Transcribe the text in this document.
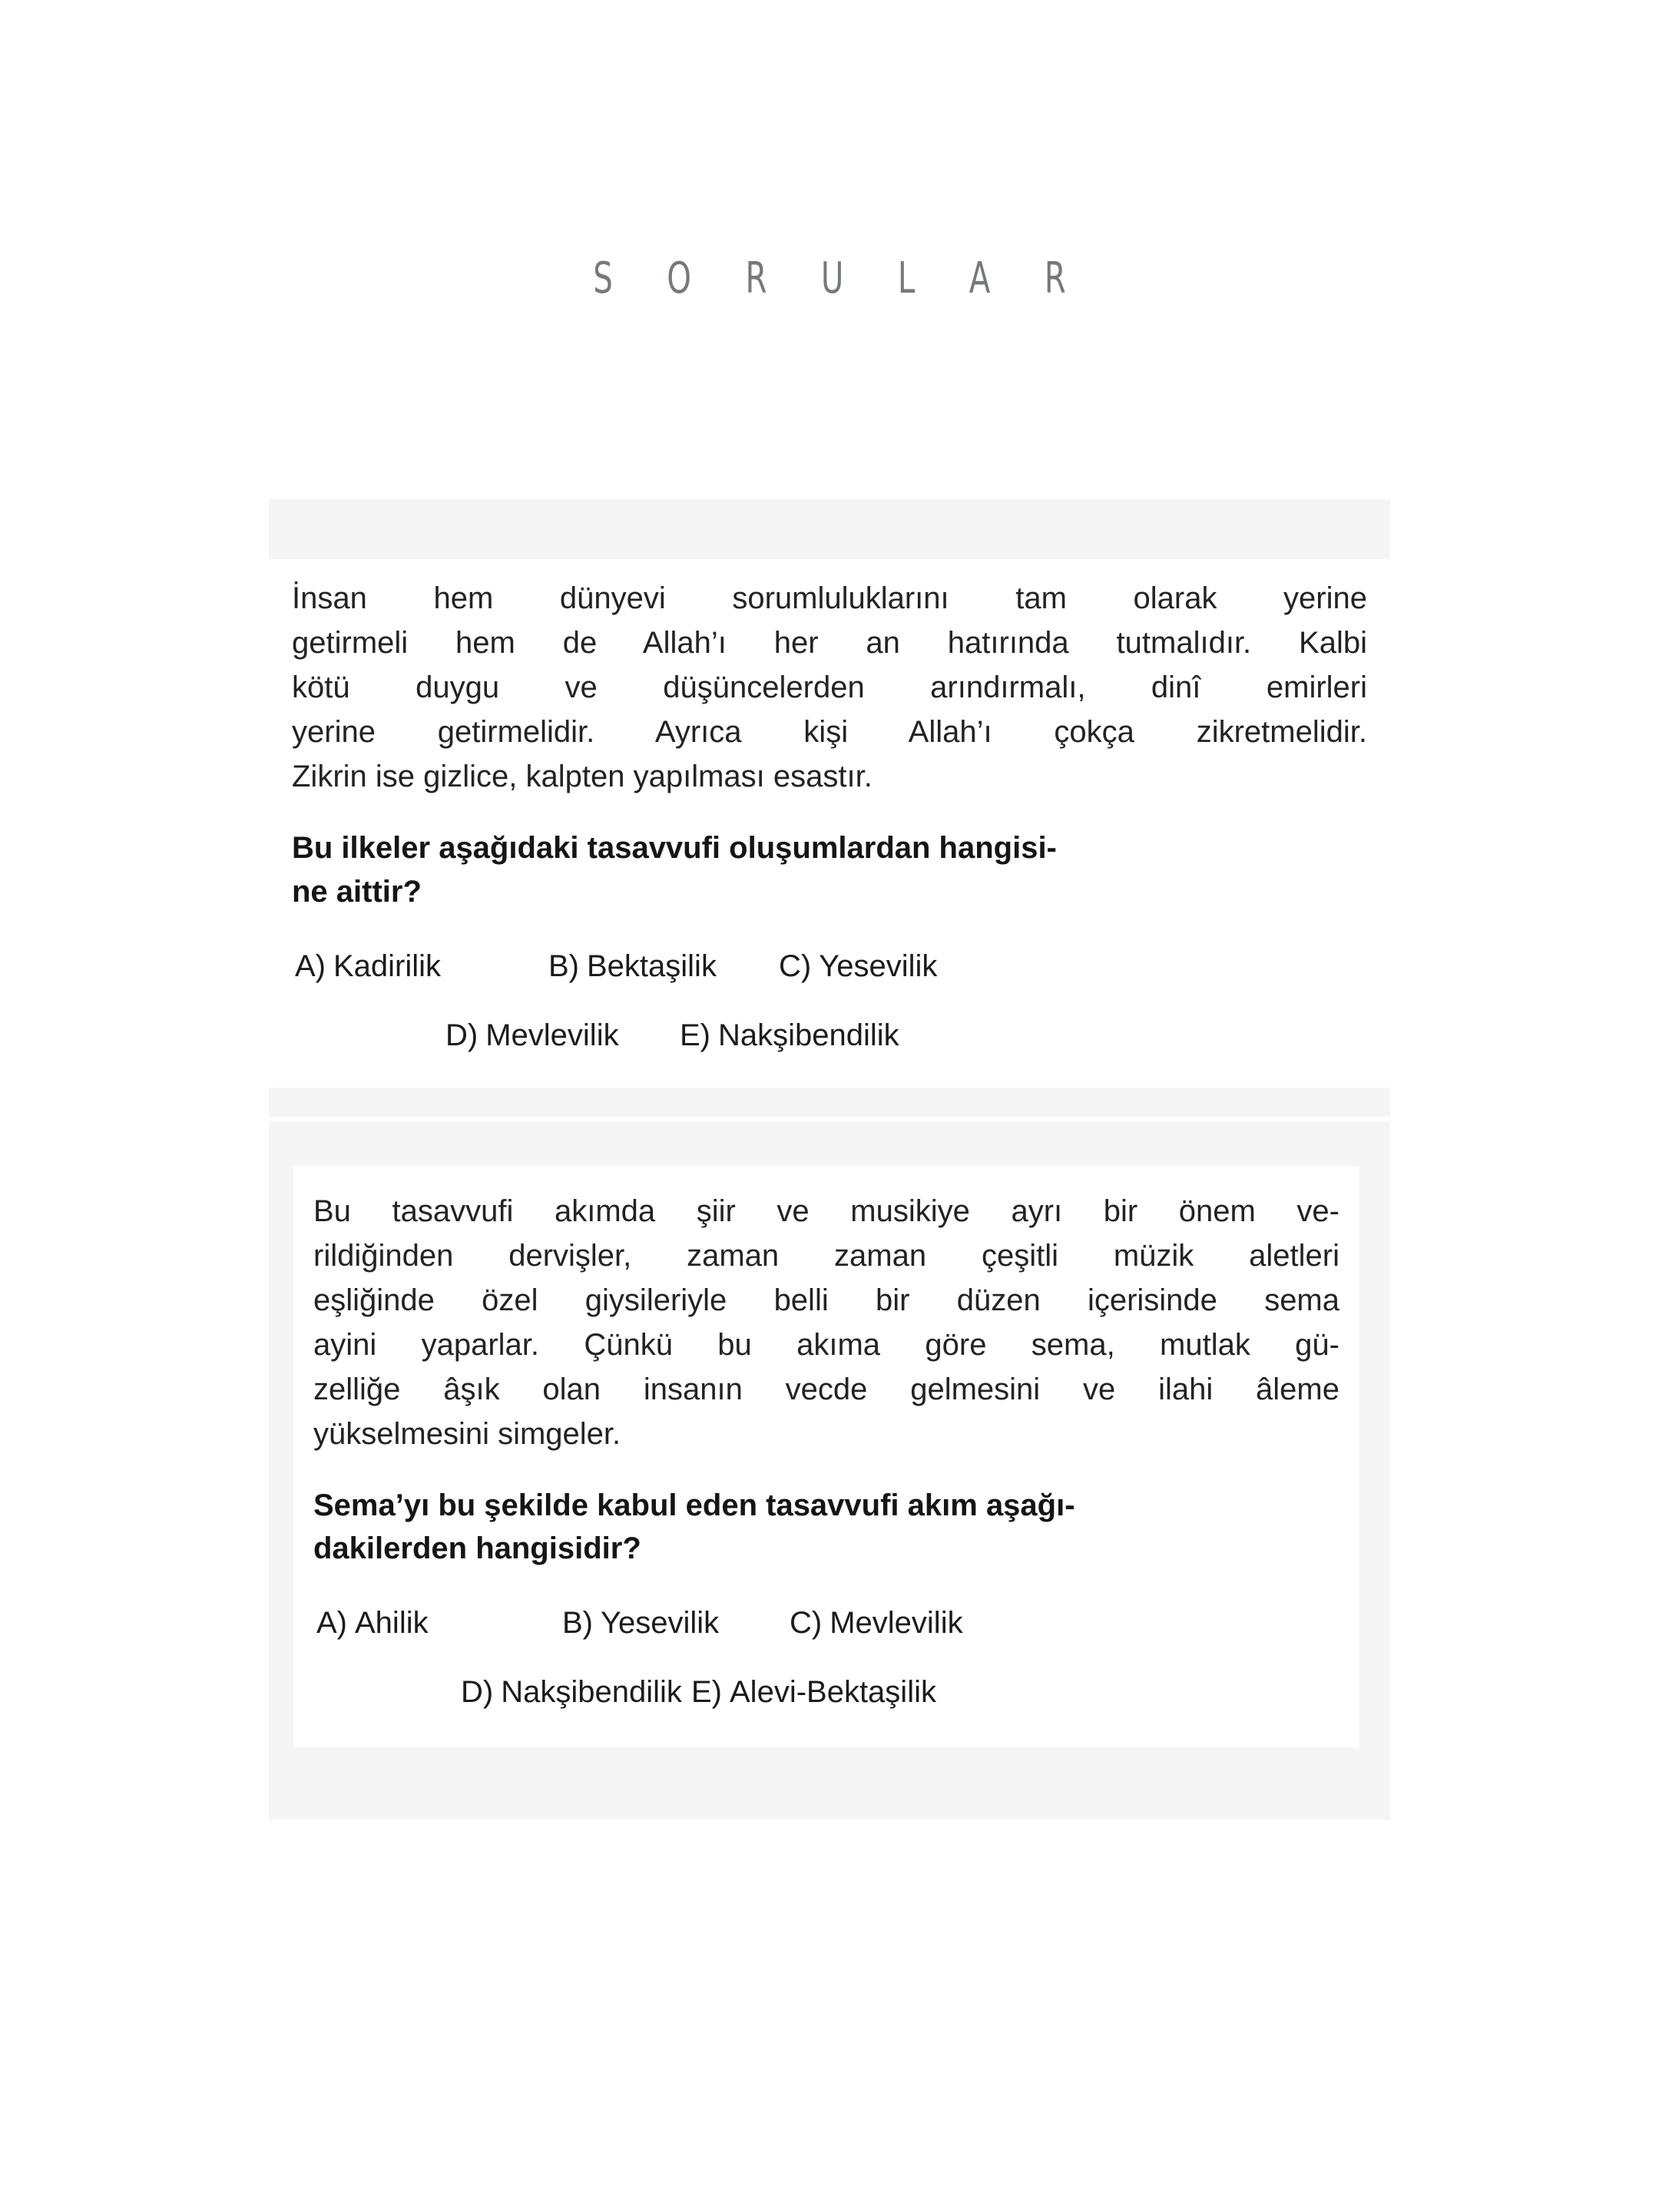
S O R U L A R
İnsan hem dünyevi sorumluluklarını tam olarak yerine
getirmeli hem de Allah’ı her an hatırında tutmalıdır. Kalbi
kötü duygu ve düşüncelerden arındırmalı, dinî emirleri
yerine getirmelidir. Ayrıca kişi Allah’ı çokça zikretmelidir.
Zikrin ise gizlice, kalpten yapılması esastır.
Bu ilkeler aşağıdaki tasavvufi oluşumlardan hangisi-
ne aittir?
A) Kadirilik	B) Bektaşilik	C) Yesevilik
D) Mevlevilik	E) Nakşibendilik
Bu tasavvufi akımda şiir ve musikiye ayrı bir önem ve-
rildiğinden dervişler, zaman zaman çeşitli müzik aletleri
eşliğinde özel giysileriyle belli bir düzen içerisinde sema
ayini yaparlar. Çünkü bu akıma göre sema, mutlak gü-
zelliğe âşık olan insanın vecde gelmesini ve ilahi âleme
yükselmesini simgeler.
Sema’yı bu şekilde kabul eden tasavvufi akım aşağı-
dakilerden hangisidir?
A) Ahilik	B) Yesevilik	C) Mevlevilik
D) Nakşibendilik E) Alevi-Bektaşilik
